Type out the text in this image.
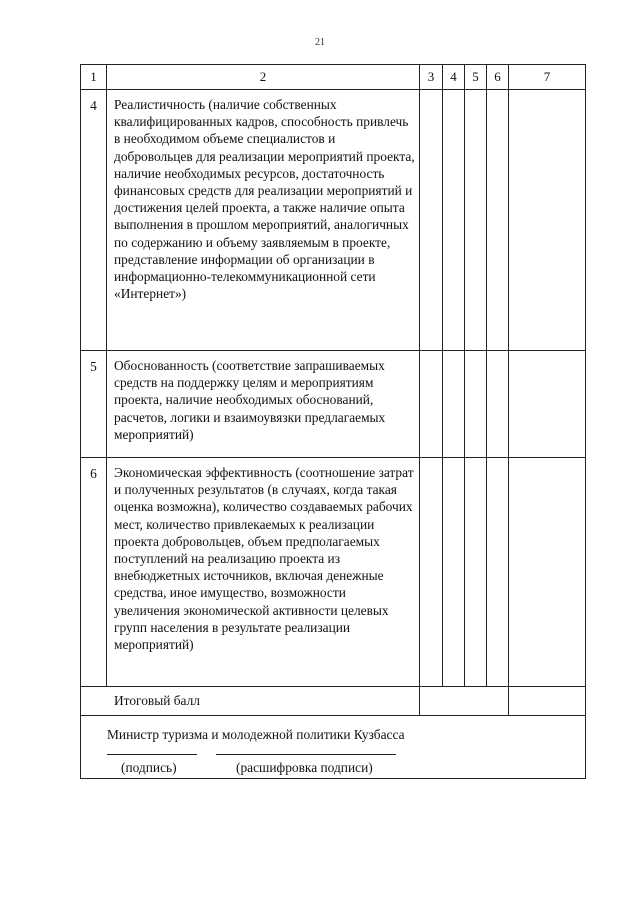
21
1	2	3	4	5	6	7
4	Реалистичность (наличие собственных квалифицированных кадров, способность привлечь в необходимом объеме специалистов и добровольцев для реализации мероприятий проекта, наличие необходимых ресурсов, достаточность финансовых средств для реализации мероприятий и достижения целей проекта, а также наличие опыта выполнения в прошлом мероприятий, аналогичных по содержанию и объему заявляемым в проекте, представление информации об организации в информационно-телекоммуникационной сети «Интернет»)					
5	Обоснованность (соответствие запрашиваемых средств на поддержку целям и мероприятиям проекта, наличие необходимых обоснований, расчетов, логики и взаимоувязки предлагаемых мероприятий)					
6	Экономическая эффективность (соотношение затрат и полученных результатов (в случаях, когда такая оценка возможна), количество создаваемых рабочих мест, количество привлекаемых к реализации проекта добровольцев, объем предполагаемых поступлений на реализацию проекта из внебюджетных источников, включая денежные средства, иное имущество, возможности увеличения экономической активности целевых групп населения в результате реализации мероприятий)					
Итоговый балл						

Министр туризма и молодежной политики Кузбасса
(подпись) (расшифровка подписи)						
